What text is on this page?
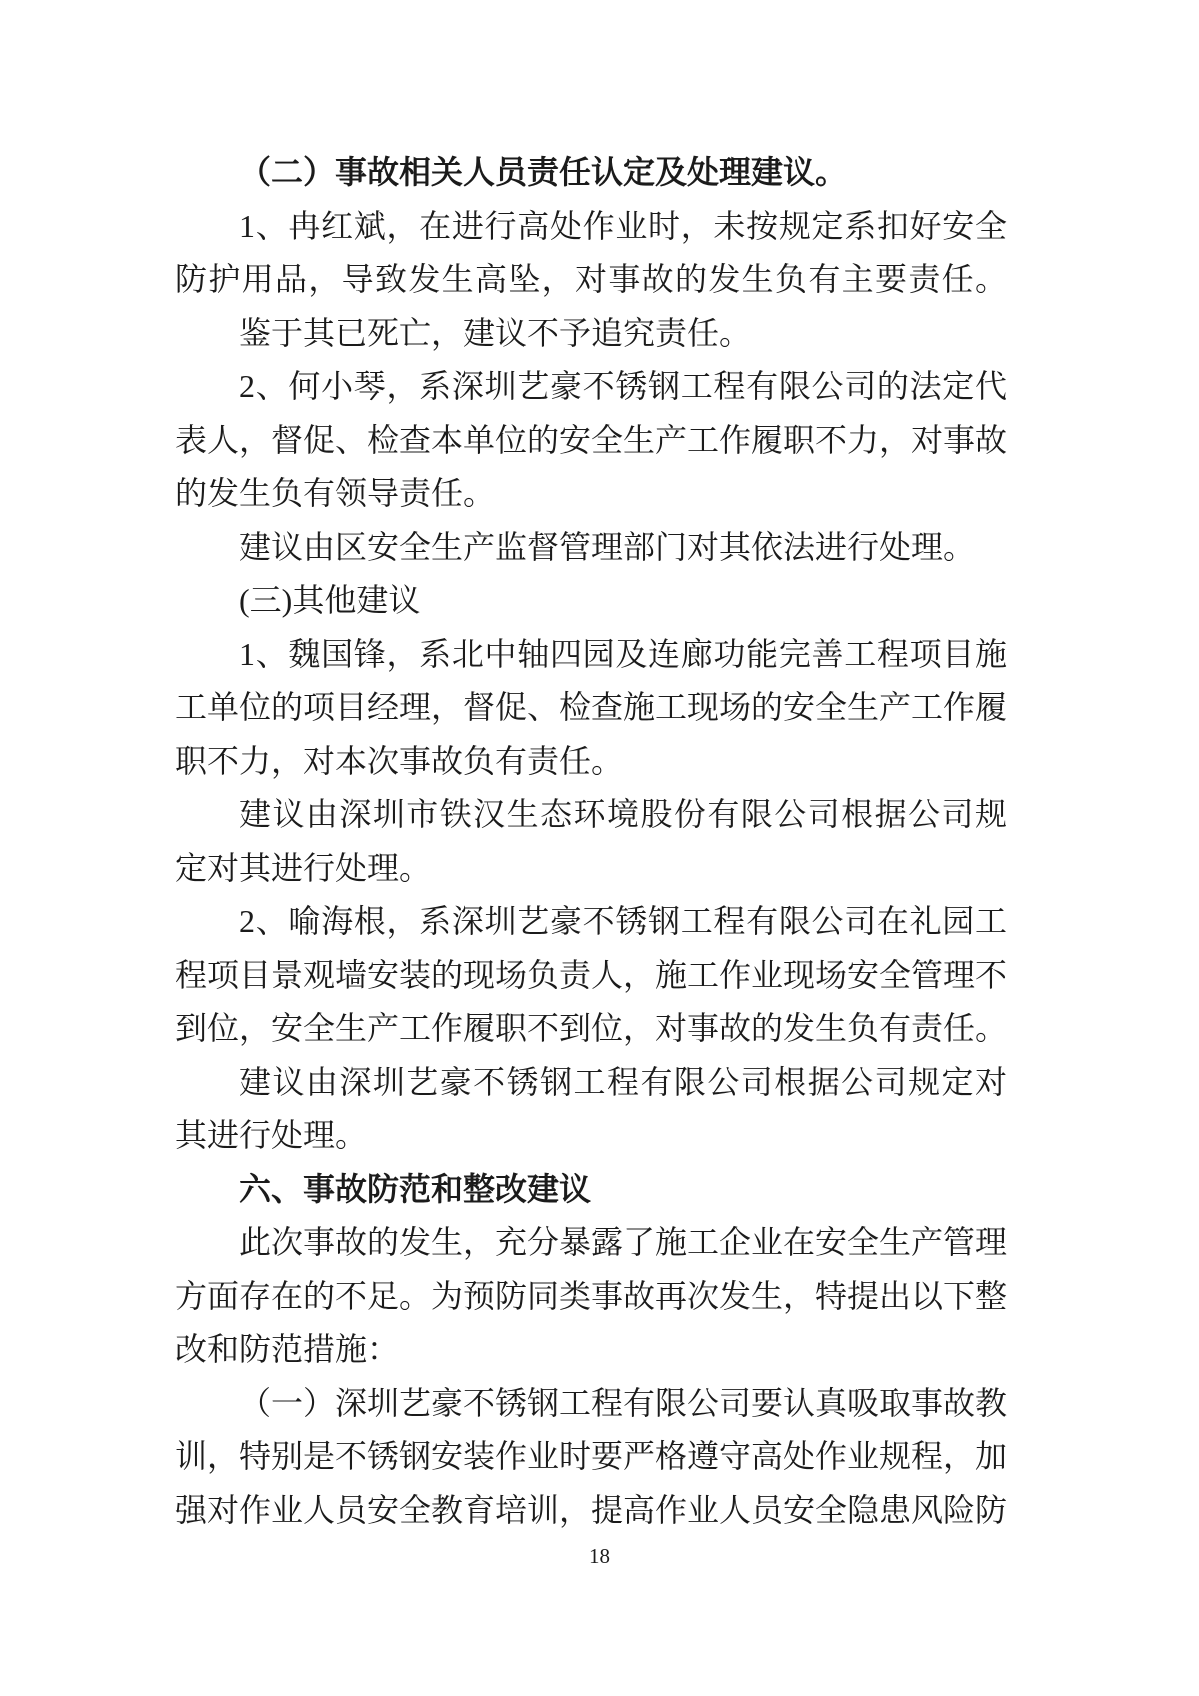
（二）事故相关人员责任认定及处理建议。
1、冉红斌，在进行高处作业时，未按规定系扣好安全
防护用品，导致发生高坠，对事故的发生负有主要责任。
鉴于其已死亡，建议不予追究责任。
2、何小琴，系深圳艺豪不锈钢工程有限公司的法定代
表人，督促、检查本单位的安全生产工作履职不力，对事故
的发生负有领导责任。
建议由区安全生产监督管理部门对其依法进行处理。
(三)其他建议
1、魏国锋，系北中轴四园及连廊功能完善工程项目施
工单位的项目经理，督促、检查施工现场的安全生产工作履
职不力，对本次事故负有责任。
建议由深圳市铁汉生态环境股份有限公司根据公司规
定对其进行处理。
2、喻海根，系深圳艺豪不锈钢工程有限公司在礼园工
程项目景观墙安装的现场负责人，施工作业现场安全管理不
到位，安全生产工作履职不到位，对事故的发生负有责任。
建议由深圳艺豪不锈钢工程有限公司根据公司规定对
其进行处理。
六、事故防范和整改建议
此次事故的发生，充分暴露了施工企业在安全生产管理
方面存在的不足。为预防同类事故再次发生，特提出以下整
改和防范措施：
（一）深圳艺豪不锈钢工程有限公司要认真吸取事故教
训，特别是不锈钢安装作业时要严格遵守高处作业规程，加
强对作业人员安全教育培训，提高作业人员安全隐患风险防
18
